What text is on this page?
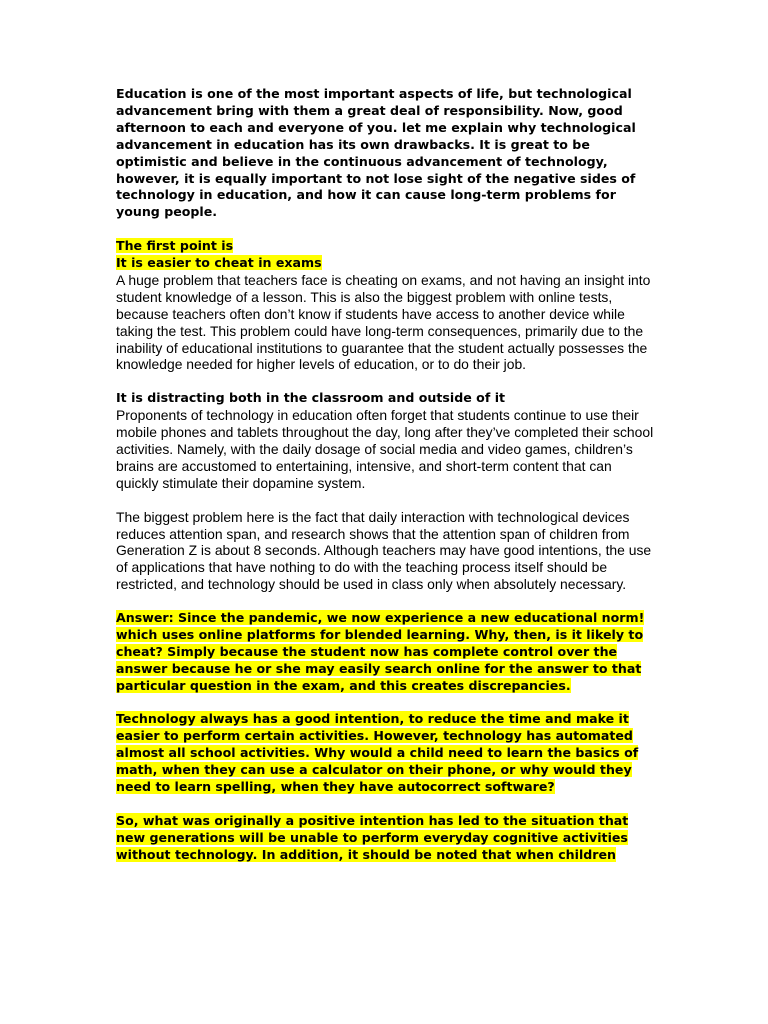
Education is one of the most important aspects of life, but technological advancement bring with them a great deal of responsibility. Now, good afternoon to each and everyone of you. let me explain why technological advancement in education has its own drawbacks. It is great to be optimistic and believe in the continuous advancement of technology, however, it is equally important to not lose sight of the negative sides of technology in education, and how it can cause long-term problems for young people.

The first point is

It is easier to cheat in exams

A huge problem that teachers face is cheating on exams, and not having an insight into student knowledge of a lesson. This is also the biggest problem with online tests, because teachers often don’t know if students have access to another device while taking the test. This problem could have long-term consequences, primarily due to the inability of educational institutions to guarantee that the student actually possesses the knowledge needed for higher levels of education, or to do their job.

It is distracting both in the classroom and outside of it

Proponents of technology in education often forget that students continue to use their mobile phones and tablets throughout the day, long after they’ve completed their school activities. Namely, with the daily dosage of social media and video games, children’s brains are accustomed to entertaining, intensive, and short-term content that can quickly stimulate their dopamine system.

The biggest problem here is the fact that daily interaction with technological devices reduces attention span, and research shows that the attention span of children from Generation Z is about 8 seconds. Although teachers may have good intentions, the use of applications that have nothing to do with the teaching process itself should be restricted, and technology should be used in class only when absolutely necessary.

Answer: Since the pandemic, we now experience a new educational norm! which uses online platforms for blended learning. Why, then, is it likely to cheat? Simply because the student now has complete control over the answer because he or she may easily search online for the answer to that particular question in the exam, and this creates discrepancies.

Technology always has a good intention, to reduce the time and make it easier to perform certain activities. However, technology has automated almost all school activities. Why would a child need to learn the basics of math, when they can use a calculator on their phone, or why would they need to learn spelling, when they have autocorrect software?

So, what was originally a positive intention has led to the situation that new generations will be unable to perform everyday cognitive activities without technology. In addition, it should be noted that when children
